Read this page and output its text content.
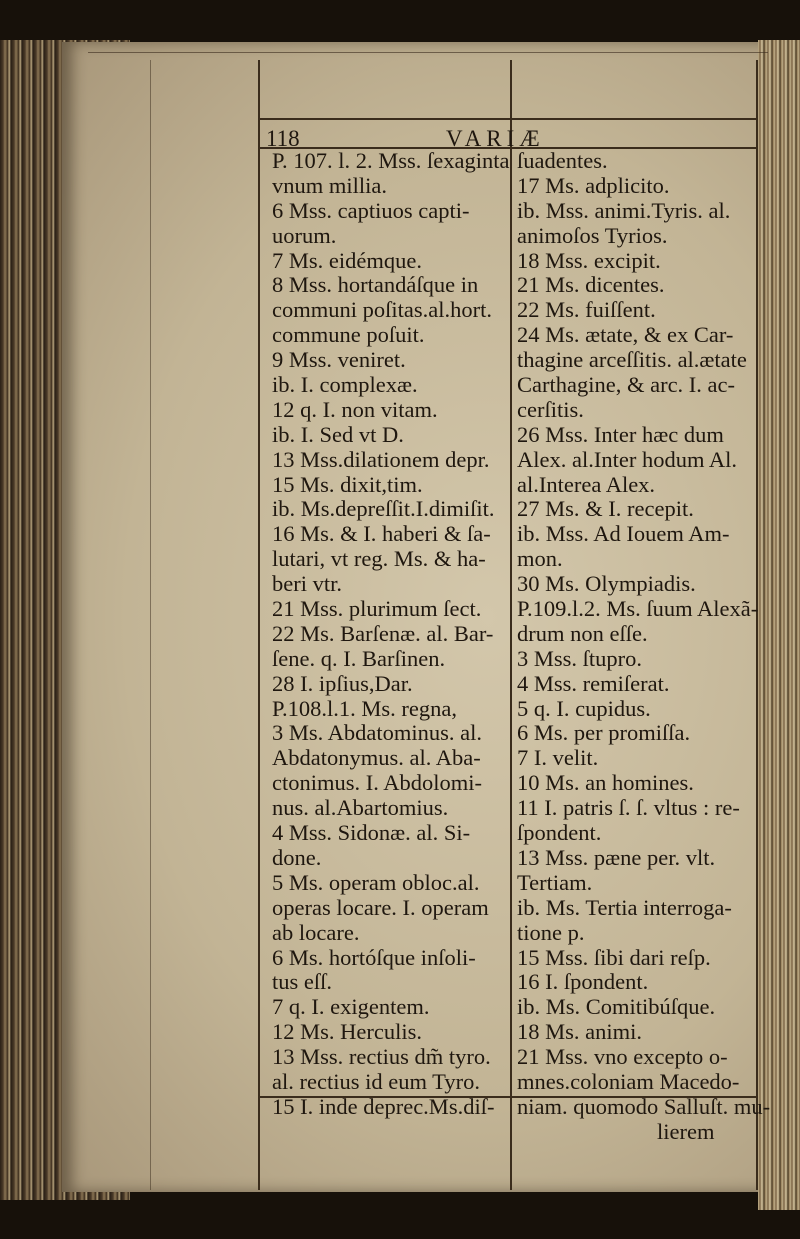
118	VARIÆ
P. 107. l. 2. Mss. ſexaginta
vnum millia.
6 Mss. captiuos capti-
uorum.
7 Ms. eidémque.
8 Mss. hortandáſque in
communi poſitas.al.hort.
commune poſuit.
9 Mss. veniret.
ib. I. complexæ.
12 q. I. non vitam.
ib. I. Sed vt D.
13 Mss.dilationem depr.
15 Ms. dixit,tim.
ib. Ms.depreſſit.I.dimiſit.
16 Ms. & I. haberi & ſa-
lutari, vt reg. Ms. & ha-
beri vtr.
21 Mss. plurimum ſect.
22 Ms. Barſenæ. al. Bar-
ſene. q. I. Barſinen.
28 I. ipſius,Dar.
P.108.l.1. Ms. regna,
3 Ms. Abdatominus. al.
Abdatonymus. al. Aba-
ctonimus. I. Abdolomi-
nus. al.Abartomius.
4 Mss. Sidonæ. al. Si-
done.
5 Ms. operam obloc.al.
operas locare. I. operam
ab locare.
6 Ms. hortóſque inſoli-
tus eſſ.
7 q. I. exigentem.
12 Ms. Herculis.
13 Mss. rectius dm̃ tyro.
al. rectius id eum Tyro.
15 I. inde deprec.Ms.diſ-
ſuadentes.
17 Ms. adplicito.
ib. Mss. animi.Tyris. al.
animoſos Tyrios.
18 Mss. excipit.
21 Ms. dicentes.
22 Ms. fuiſſent.
24 Ms. ætate, & ex Car-
thagine arceſſitis. al.ætate
Carthagine, & arc. I. ac-
cerſitis.
26 Mss. Inter hæc dum
Alex. al.Inter hodum Al.
al.Interea Alex.
27 Ms. & I. recepit.
ib. Mss. Ad Iouem Am-
mon.
30 Ms. Olympiadis.
P.109.l.2. Ms. ſuum Alexã-
drum non eſſe.
3 Mss. ſtupro.
4 Mss. remiſerat.
5 q. I. cupidus.
6 Ms. per promiſſa.
7 I. velit.
10 Ms. an homines.
11 I. patris ſ. ſ. vltus : re-
ſpondent.
13 Mss. pæne per. vlt.
Tertiam.
ib. Ms. Tertia interroga-
tione p.
15 Mss. ſibi dari reſp.
16 I. ſpondent.
ib. Ms. Comitibúſque.
18 Ms. animi.
21 Mss. vno excepto o-
mnes.coloniam Macedo-
niam. quomodo Salluſt. mu-
lierem
